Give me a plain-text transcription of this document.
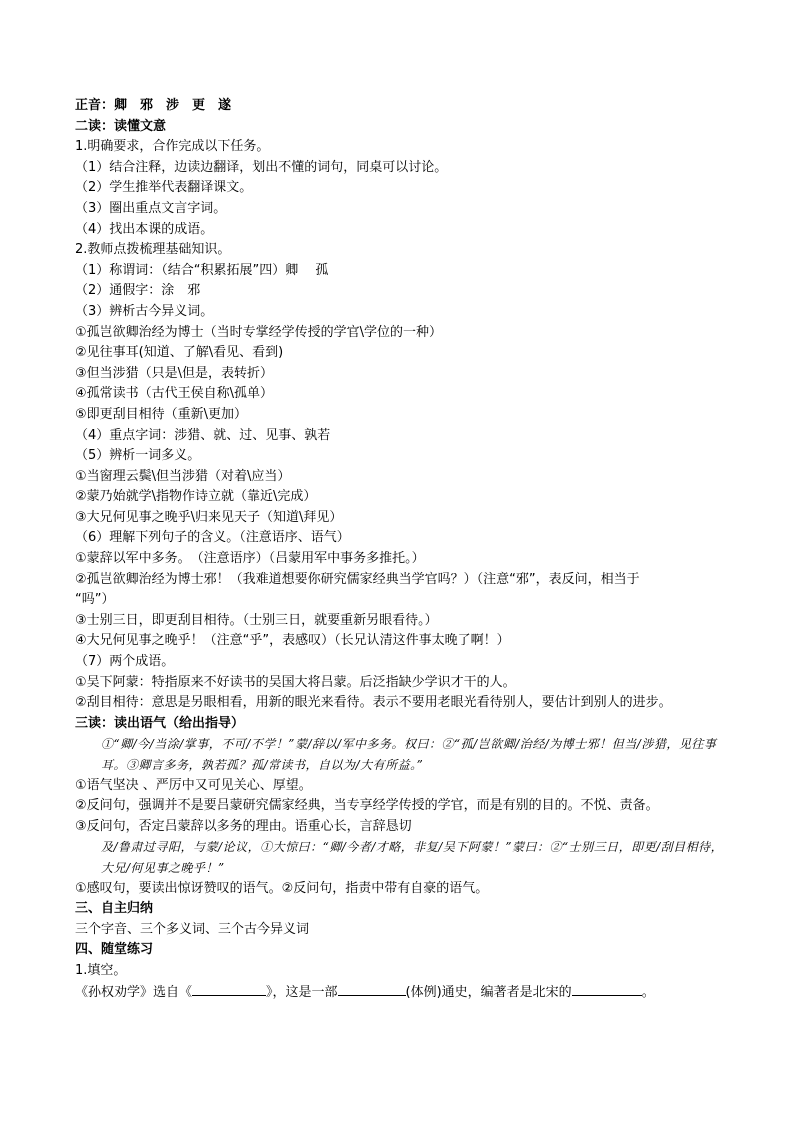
正音：卿　邪　涉　更　遂
二读：读懂文意
1.明确要求，合作完成以下任务。
（1）结合注释，边读边翻译，划出不懂的词句，同桌可以讨论。
（2）学生推举代表翻译课文。
（3）圈出重点文言字词。
（4）找出本课的成语。
2.教师点拨梳理基础知识。
（1）称谓词：（结合“积累拓展”四）卿　 孤
（2）通假字：涂　邪
（3）辨析古今异义词。
①孤岂欲卿治经为博士（当时专掌经学传授的学官\学位的一种）
②见往事耳(知道、了解\看见、看到)
③但当涉猎（只是\但是，表转折）
④孤常读书（古代王侯自称\孤单）
⑤即更刮目相待（重新\更加）
（4）重点字词：涉猎、就、过、见事、孰若
（5）辨析一词多义。
①当窗理云鬓\但当涉猎（对着\应当）
②蒙乃始就学\指物作诗立就（靠近\完成）
③大兄何见事之晚乎\归来见天子（知道\拜见）
（6）理解下列句子的含义。（注意语序、语气）
①蒙辞以军中多务。　（注意语序）（吕蒙用军中事务多推托。）
②孤岂欲卿治经为博士邪！（我难道想要你研究儒家经典当学官吗？）（注意“邪”，表反问，相当于
“吗”）
③士别三日，即更刮目相待。（士别三日，就要重新另眼看待。）
④大兄何见事之晚乎！（注意“乎”，表感叹）（长兄认清这件事太晚了啊！）
（7）两个成语。
①吴下阿蒙：特指原来不好读书的吴国大将吕蒙。后泛指缺少学识才干的人。
②刮目相待：意思是另眼相看，用新的眼光来看待。表示不要用老眼光看待别人，要估计到别人的进步。
三读：读出语气（给出指导）
①“卿/今/当涂/掌事，不可/不学！”蒙/辞以/军中多务。权曰：②“孤/岂欲卿/治经/为博士邪！但当/涉猎，见往事耳。③卿言多务，孰若孤？孤/常读书，自以为/大有所益。”
①语气坚决 、严厉中又可见关心、厚望。
②反问句，强调并不是要吕蒙研究儒家经典，当专享经学传授的学官，而是有别的目的。不悦、责备。
③反问句，否定吕蒙辞以多务的理由。语重心长，言辞恳切
及/鲁肃过寻阳，与蒙/论议，①大惊曰：“卿/今者/才略，非复/吴下阿蒙！”蒙曰：②“士别三日，即更/刮目相待，大兄/何见事之晚乎！”
①感叹句，要读出惊讶赞叹的语气。②反问句，指责中带有自豪的语气。
三、自主归纳
三个字音、三个多义词、三个古今异义词
四、随堂练习
1.填空。
《孙权劝学》选自《	》，这是一部	(体例)通史，编著者是北宋的	。
